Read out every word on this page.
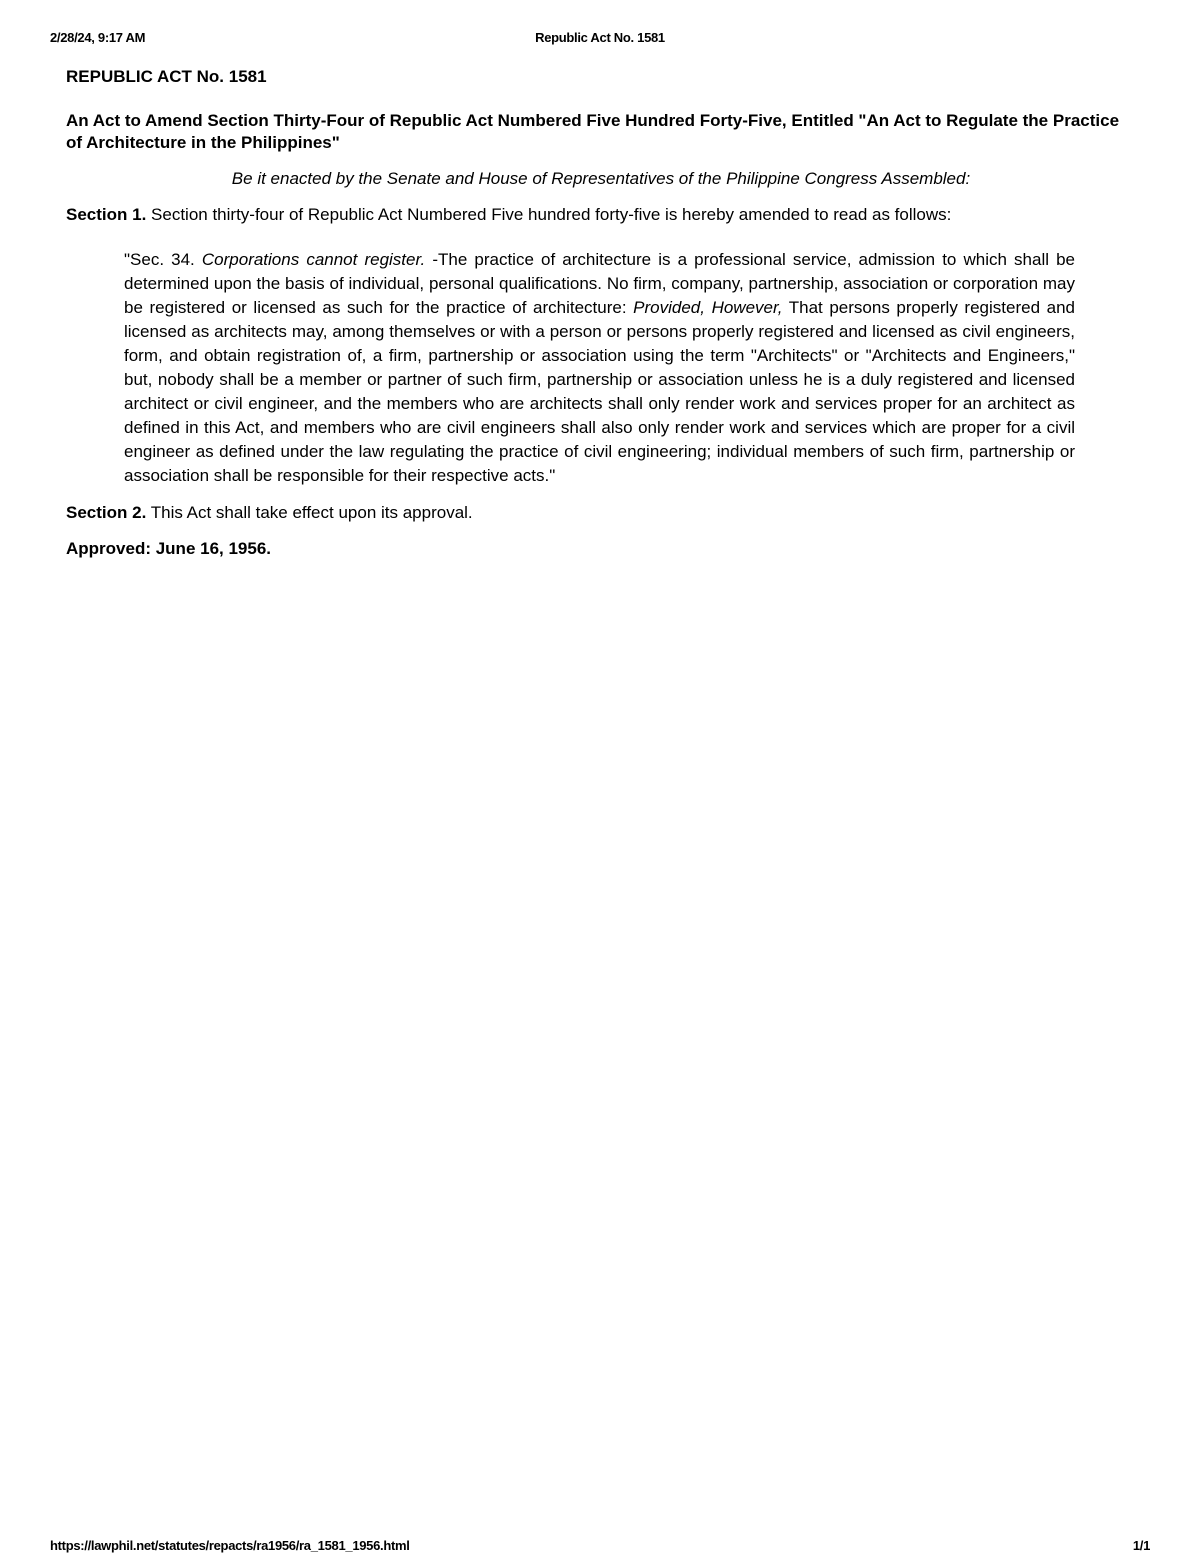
2/28/24, 9:17 AM	Republic Act No. 1581

REPUBLIC ACT No. 1581

An Act to Amend Section Thirty-Four of Republic Act Numbered Five Hundred Forty-Five, Entitled "An Act to Regulate the Practice of Architecture in the Philippines"

Be it enacted by the Senate and House of Representatives of the Philippine Congress Assembled:

Section 1. Section thirty-four of Republic Act Numbered Five hundred forty-five is hereby amended to read as follows:

"Sec. 34. Corporations cannot register. -The practice of architecture is a professional service, admission to which shall be determined upon the basis of individual, personal qualifications. No firm, company, partnership, association or corporation may be registered or licensed as such for the practice of architecture: Provided, However, That persons properly registered and licensed as architects may, among themselves or with a person or persons properly registered and licensed as civil engineers, form, and obtain registration of, a firm, partnership or association using the term "Architects" or "Architects and Engineers," but, nobody shall be a member or partner of such firm, partnership or association unless he is a duly registered and licensed architect or civil engineer, and the members who are architects shall only render work and services proper for an architect as defined in this Act, and members who are civil engineers shall also only render work and services which are proper for a civil engineer as defined under the law regulating the practice of civil engineering; individual members of such firm, partnership or association shall be responsible for their respective acts."

Section 2. This Act shall take effect upon its approval.

Approved: June 16, 1956.

https://lawphil.net/statutes/repacts/ra1956/ra_1581_1956.html	1/1
